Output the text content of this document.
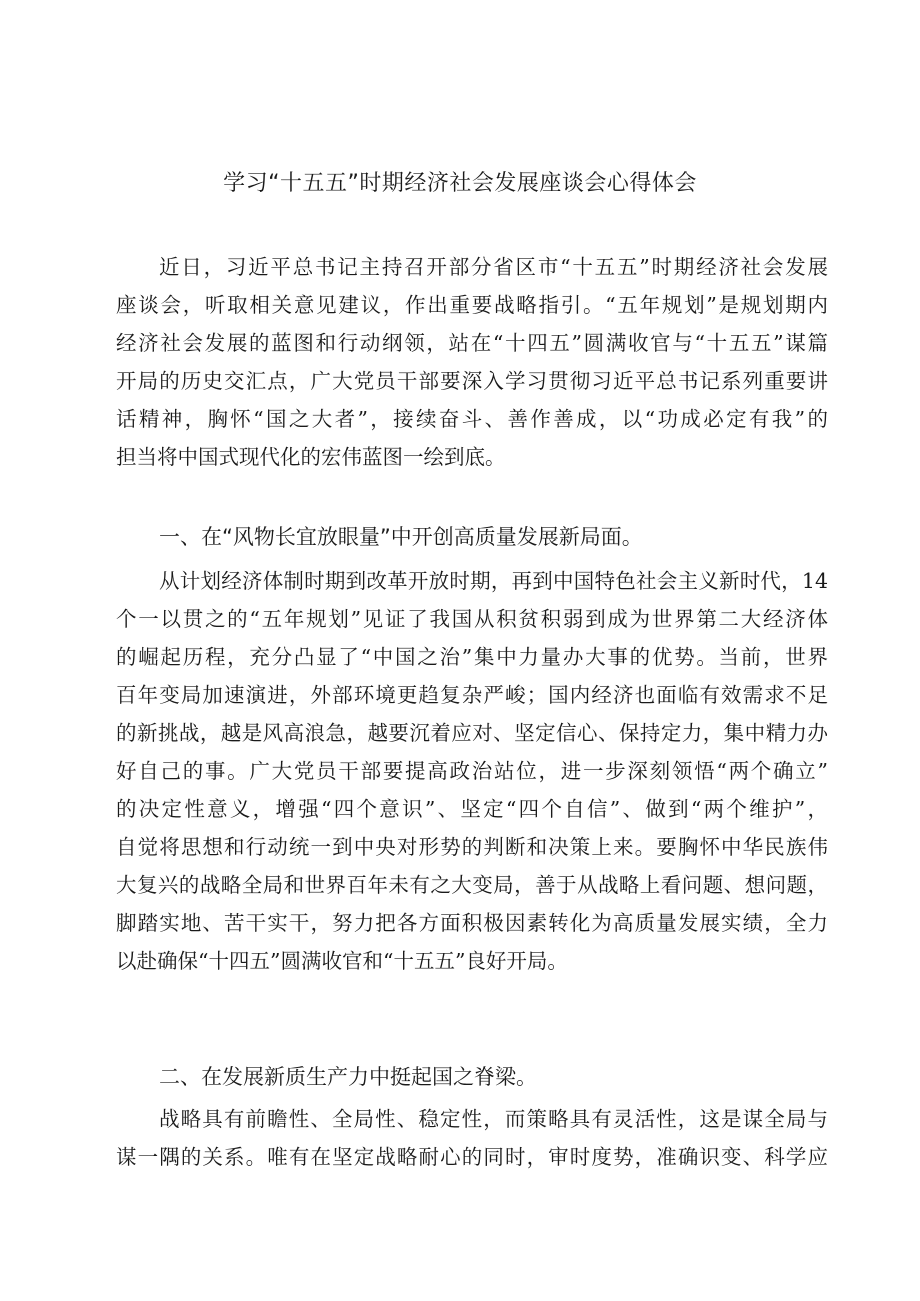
学习“十五五”时期经济社会发展座谈会心得体会
近日，习近平总书记主持召开部分省区市“十五五”时期经济社会发展
座谈会，听取相关意见建议，作出重要战略指引。“五年规划”是规划期内
经济社会发展的蓝图和行动纲领，站在“十四五”圆满收官与“十五五”谋篇
开局的历史交汇点，广大党员干部要深入学习贯彻习近平总书记系列重要讲
话精神，胸怀“国之大者”，接续奋斗、善作善成，以“功成必定有我”的
担当将中国式现代化的宏伟蓝图一绘到底。
一、在“风物长宜放眼量”中开创高质量发展新局面。
从计划经济体制时期到改革开放时期，再到中国特色社会主义新时代，14
个一以贯之的“五年规划”见证了我国从积贫积弱到成为世界第二大经济体
的崛起历程，充分凸显了“中国之治”集中力量办大事的优势。当前，世界
百年变局加速演进，外部环境更趋复杂严峻；国内经济也面临有效需求不足
的新挑战，越是风高浪急，越要沉着应对、坚定信心、保持定力，集中精力办
好自己的事。广大党员干部要提高政治站位，进一步深刻领悟“两个确立”
的决定性意义，增强“四个意识”、坚定“四个自信”、做到“两个维护”，
自觉将思想和行动统一到中央对形势的判断和决策上来。要胸怀中华民族伟
大复兴的战略全局和世界百年未有之大变局，善于从战略上看问题、想问题，
脚踏实地、苦干实干，努力把各方面积极因素转化为高质量发展实绩，全力
以赴确保“十四五”圆满收官和“十五五”良好开局。
二、在发展新质生产力中挺起国之脊梁。
战略具有前瞻性、全局性、稳定性，而策略具有灵活性，这是谋全局与
谋一隅的关系。唯有在坚定战略耐心的同时，审时度势，准确识变、科学应
